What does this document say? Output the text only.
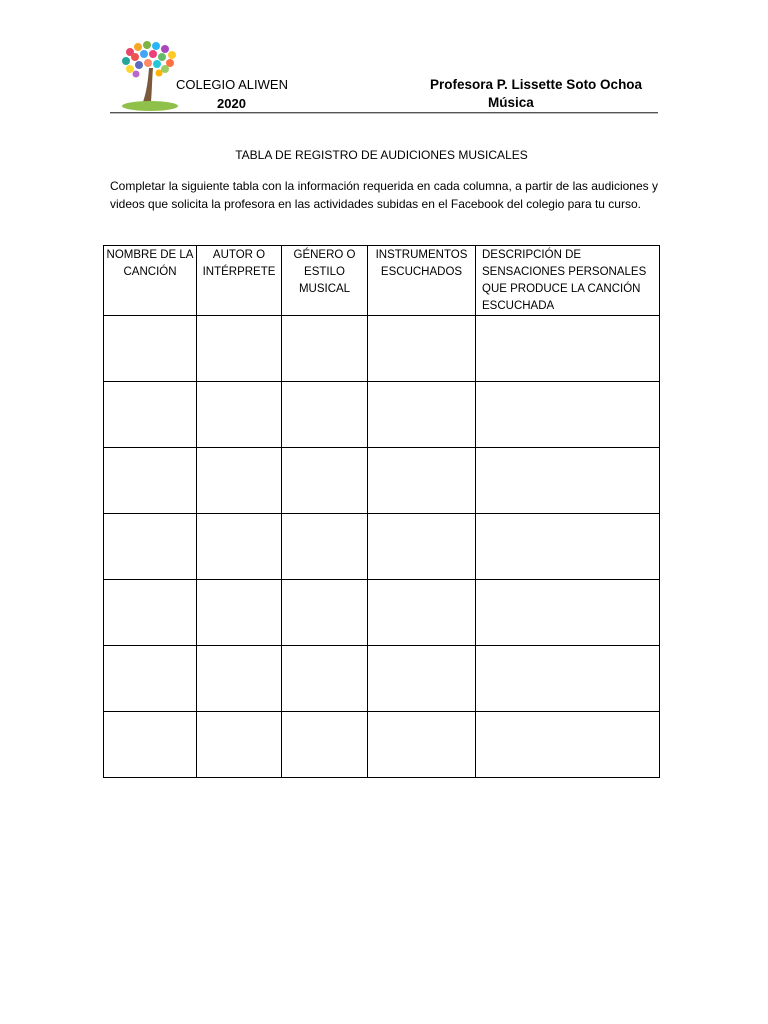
COLEGIO ALIWEN
2020
Profesora P. Lissette Soto Ochoa
Música
TABLA DE REGISTRO DE AUDICIONES MUSICALES

Completar la siguiente tabla con la información requerida en cada columna, a partir de las audiciones y videos que solicita la profesora en las actividades subidas en el Facebook del colegio para tu curso.

NOMBRE DE LA CANCIÓN	AUTOR O INTÉRPRETE	GÉNERO O ESTILO MUSICAL	INSTRUMENTOS ESCUCHADOS	DESCRIPCIÓN DE SENSACIONES PERSONALES QUE PRODUCE LA CANCIÓN ESCUCHADA
